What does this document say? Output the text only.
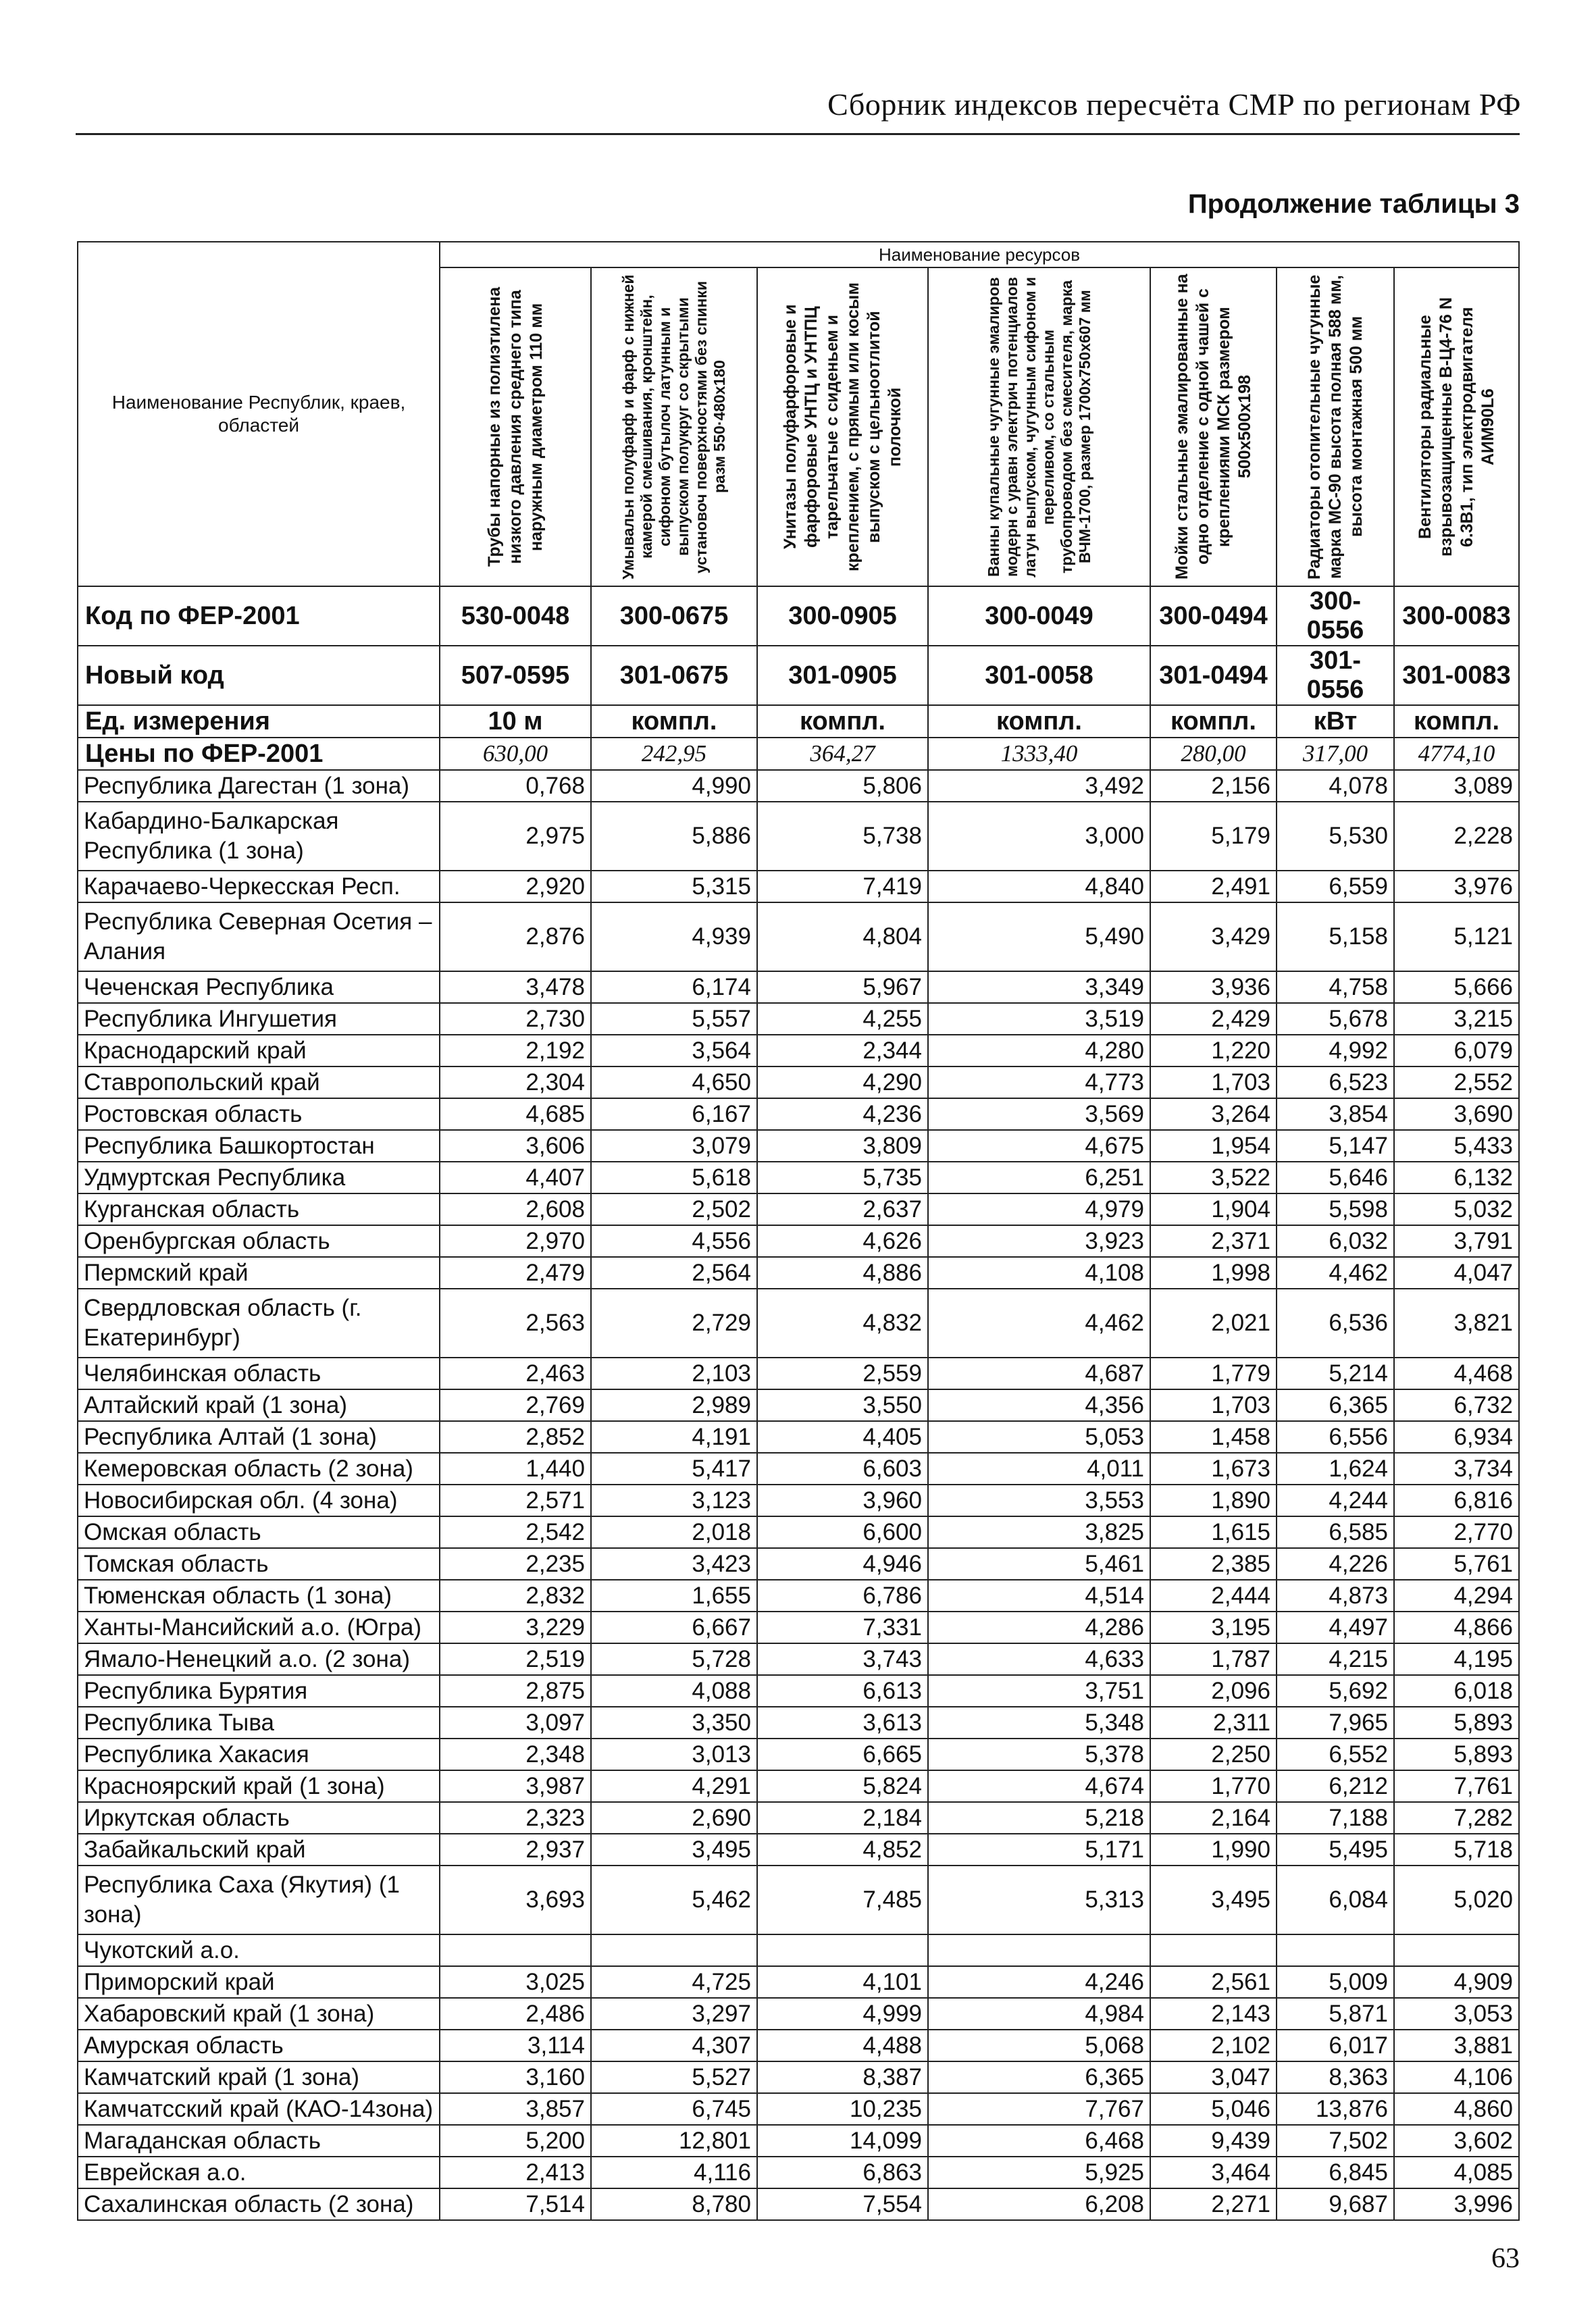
Сборник индексов пересчёта СМР по регионам РФ
Продолжение таблицы 3
Наименование Республик, краев, областей	Наименование ресурсов						

	Трубы напорные из полиэтилена низкого давления среднего типа наружным диаметром 110 мм	Умывальн полуфарф и фарф с нижней камерой смешивания, кронштейн, сифоном бутылоч латунным и выпуском полукруг со скрытыми установоч поверхностями без спинки разм 550·480х180	Унитазы полуфарфоровые и фарфоровые УНТЦ и УНТПЦ тарельчатые с сиденьем и креплением, с прямым или косым выпуском с цельноотлитой полочкой	Ванны купальные чугунные эмалиров модерн с уравн электрич потенциалов латун выпуском, чугунным сифоном и переливом, со стальным трубопроводом без смесителя, марка ВЧМ-1700, размер 1700х750х607 мм	Мойки стальные эмалированные на одно отделение с одной чашей с креплениями МСК размером 500х500х198	Радиаторы отопительные чугунные марка МС-90 высота полная 588 мм, высота монтажная 500 мм	Вентиляторы радиальные взрывозащищенные В-Ц4-76 N 6.3В1, тип электродвигателя АИМ90L6

Код по ФЕР-2001	530-0048	300-0675	300-0905	300-0049	300-0494	300-0556	300-0083
Новый код	507-0595	301-0675	301-0905	301-0058	301-0494	301-0556	301-0083
Ед. измерения	10 м	компл.	компл.	компл.	компл.	кВт	компл.
Цены по ФЕР-2001	630,00	242,95	364,27	1333,40	280,00	317,00	4774,10
Республика Дагестан (1 зона)	0,768	4,990	5,806	3,492	2,156	4,078	3,089
Кабардино-Балкарская Республика (1 зона)	2,975	5,886	5,738	3,000	5,179	5,530	2,228
Карачаево-Черкесская Респ.	2,920	5,315	7,419	4,840	2,491	6,559	3,976
Республика Северная Осетия – Алания	2,876	4,939	4,804	5,490	3,429	5,158	5,121
Чеченская Республика	3,478	6,174	5,967	3,349	3,936	4,758	5,666
Республика Ингушетия	2,730	5,557	4,255	3,519	2,429	5,678	3,215
Краснодарский край	2,192	3,564	2,344	4,280	1,220	4,992	6,079
Ставропольский край	2,304	4,650	4,290	4,773	1,703	6,523	2,552
Ростовская область	4,685	6,167	4,236	3,569	3,264	3,854	3,690
Республика Башкортостан	3,606	3,079	3,809	4,675	1,954	5,147	5,433
Удмуртская Республика	4,407	5,618	5,735	6,251	3,522	5,646	6,132
Курганская область	2,608	2,502	2,637	4,979	1,904	5,598	5,032
Оренбургская область	2,970	4,556	4,626	3,923	2,371	6,032	3,791
Пермский край	2,479	2,564	4,886	4,108	1,998	4,462	4,047
Свердловская область (г. Екатеринбург)	2,563	2,729	4,832	4,462	2,021	6,536	3,821
Челябинская область	2,463	2,103	2,559	4,687	1,779	5,214	4,468
Алтайский край (1 зона)	2,769	2,989	3,550	4,356	1,703	6,365	6,732
Республика Алтай (1 зона)	2,852	4,191	4,405	5,053	1,458	6,556	6,934
Кемеровская область (2 зона)	1,440	5,417	6,603	4,011	1,673	1,624	3,734
Новосибирская обл. (4 зона)	2,571	3,123	3,960	3,553	1,890	4,244	6,816
Омская область	2,542	2,018	6,600	3,825	1,615	6,585	2,770
Томская область	2,235	3,423	4,946	5,461	2,385	4,226	5,761
Тюменская область (1 зона)	2,832	1,655	6,786	4,514	2,444	4,873	4,294
Ханты-Мансийский а.о. (Югра)	3,229	6,667	7,331	4,286	3,195	4,497	4,866
Ямало-Ненецкий а.о. (2 зона)	2,519	5,728	3,743	4,633	1,787	4,215	4,195
Республика Бурятия	2,875	4,088	6,613	3,751	2,096	5,692	6,018
Республика Тыва	3,097	3,350	3,613	5,348	2,311	7,965	5,893
Республика Хакасия	2,348	3,013	6,665	5,378	2,250	6,552	5,893
Красноярский край (1 зона)	3,987	4,291	5,824	4,674	1,770	6,212	7,761
Иркутская область	2,323	2,690	2,184	5,218	2,164	7,188	7,282
Забайкальский край	2,937	3,495	4,852	5,171	1,990	5,495	5,718
Республика Саха (Якутия) (1 зона)	3,693	5,462	7,485	5,313	3,495	6,084	5,020
Чукотский а.о.							
Приморский край	3,025	4,725	4,101	4,246	2,561	5,009	4,909
Хабаровский край (1 зона)	2,486	3,297	4,999	4,984	2,143	5,871	3,053
Амурская область	3,114	4,307	4,488	5,068	2,102	6,017	3,881
Камчатский край (1 зона)	3,160	5,527	8,387	6,365	3,047	8,363	4,106
Камчатсский край (КАО-14зона)	3,857	6,745	10,235	7,767	5,046	13,876	4,860
Магаданская область	5,200	12,801	14,099	6,468	9,439	7,502	3,602
Еврейская а.о.	2,413	4,116	6,863	5,925	3,464	6,845	4,085
Сахалинская область (2 зона)	7,514	8,780	7,554	6,208	2,271	9,687	3,996
63
